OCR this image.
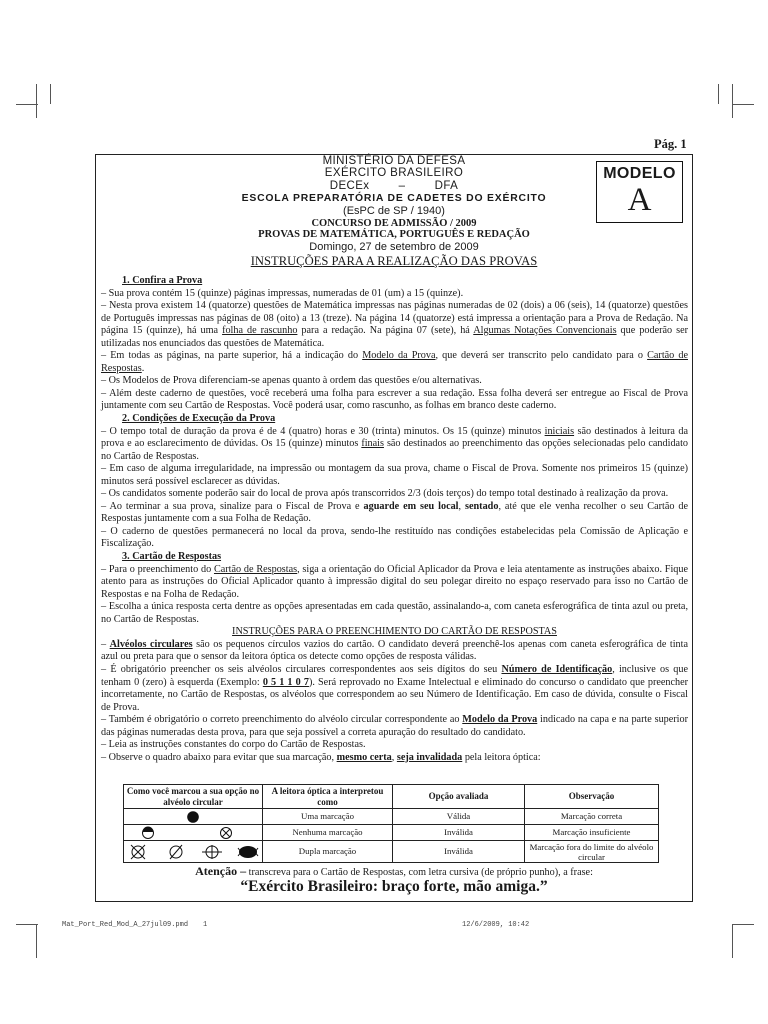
Pág. 1
MINISTÉRIO DA DEFESA
EXÉRCITO BRASILEIRO
DECEx	–	DFA
ESCOLA PREPARATÓRIA DE CADETES DO EXÉRCITO
(EsPC de SP / 1940)
CONCURSO DE ADMISSÃO / 2009
PROVAS DE MATEMÁTICA, PORTUGUÊS E REDAÇÃO
Domingo, 27 de setembro de 2009
INSTRUÇÕES PARA A REALIZAÇÃO DAS PROVAS
MODELO
A
1. Confira a Prova
– Sua prova contém 15 (quinze) páginas impressas, numeradas de 01 (um) a 15 (quinze).
– Nesta prova existem 14 (quatorze) questões de Matemática impressas nas páginas numeradas de 02 (dois) a 06 (seis), 14 (quatorze) questões de Português impressas nas páginas de 08 (oito) a 13 (treze). Na página 14 (quatorze) está impressa a orientação para a Prova de Redação. Na página 15 (quinze), há uma folha de rascunho para a redação. Na página 07 (sete), há Algumas Notações Convencionais que poderão ser utilizadas nos enunciados das questões de Matemática.
– Em todas as páginas, na parte superior, há a indicação do Modelo da Prova, que deverá ser transcrito pelo candidato para o Cartão de Respostas.
– Os Modelos de Prova diferenciam-se apenas quanto à ordem das questões e/ou alternativas.
– Além deste caderno de questões, você receberá uma folha para escrever a sua redação. Essa folha deverá ser entregue ao Fiscal de Prova juntamente com seu Cartão de Respostas. Você poderá usar, como rascunho, as folhas em branco deste caderno.
2. Condições de Execução da Prova
– O tempo total de duração da prova é de 4 (quatro) horas e 30 (trinta) minutos. Os 15 (quinze) minutos iniciais são destinados à leitura da prova e ao esclarecimento de dúvidas. Os 15 (quinze) minutos finais são destinados ao preenchimento das opções selecionadas pelo candidato no Cartão de Respostas.
– Em caso de alguma irregularidade, na impressão ou montagem da sua prova, chame o Fiscal de Prova. Somente nos primeiros 15 (quinze) minutos será possível esclarecer as dúvidas.
– Os candidatos somente poderão sair do local de prova após transcorridos 2/3 (dois terços) do tempo total destinado à realização da prova.
– Ao terminar a sua prova, sinalize para o Fiscal de Prova e aguarde em seu local, sentado, até que ele venha recolher o seu Cartão de Respostas juntamente com a sua Folha de Redação.
– O caderno de questões permanecerá no local da prova, sendo-lhe restituído nas condições estabelecidas pela Comissão de Aplicação e Fiscalização.
3. Cartão de Respostas
– Para o preenchimento do Cartão de Respostas, siga a orientação do Oficial Aplicador da Prova e leia atentamente as instruções abaixo. Fique atento para as instruções do Oficial Aplicador quanto à impressão digital do seu polegar direito no espaço reservado para isso no Cartão de Respostas e na Folha de Redação.
– Escolha a única resposta certa dentre as opções apresentadas em cada questão, assinalando-a, com caneta esferográfica de tinta azul ou preta, no Cartão de Respostas.
INSTRUÇÕES PARA O PREENCHIMENTO DO CARTÃO DE RESPOSTAS
– Alvéolos circulares são os pequenos círculos vazios do cartão. O candidato deverá preenchê-los apenas com caneta esferográfica de tinta azul ou preta para que o sensor da leitora óptica os detecte como opções de resposta válidas.
– É obrigatório preencher os seis alvéolos circulares correspondentes aos seis dígitos do seu Número de Identificação, inclusive os que tenham 0 (zero) à esquerda (Exemplo: 0 5 1 1 0 7). Será reprovado no Exame Intelectual e eliminado do concurso o candidato que preencher incorretamente, no Cartão de Respostas, os alvéolos que correspondem ao seu Número de Identificação. Em caso de dúvida, consulte o Fiscal de Prova.
– Também é obrigatório o correto preenchimento do alvéolo circular correspondente ao Modelo da Prova indicado na capa e na parte superior das páginas numeradas desta prova, para que seja possível a correta apuração do resultado do candidato.
– Leia as instruções constantes do corpo do Cartão de Respostas.
– Observe o quadro abaixo para evitar que sua marcação, mesmo certa, seja invalidada pela leitora óptica:
Como você marcou a sua opção no alvéolo circular	A leitora óptica a interpretou como	Opção avaliada	Observação
	Uma marcação	Válida	Marcação correta
	Nenhuma marcação	Inválida	Marcação insuficiente
	Dupla marcação	Inválida	Marcação fora do limite do alvéolo circular
Atenção – transcreva para o Cartão de Respostas, com letra cursiva (de próprio punho), a frase:
“Exército Brasileiro: braço forte, mão amiga.”
Mat_Port_Red_Mod_A_27jul09.pmd 1	12/6/2009, 10:42
